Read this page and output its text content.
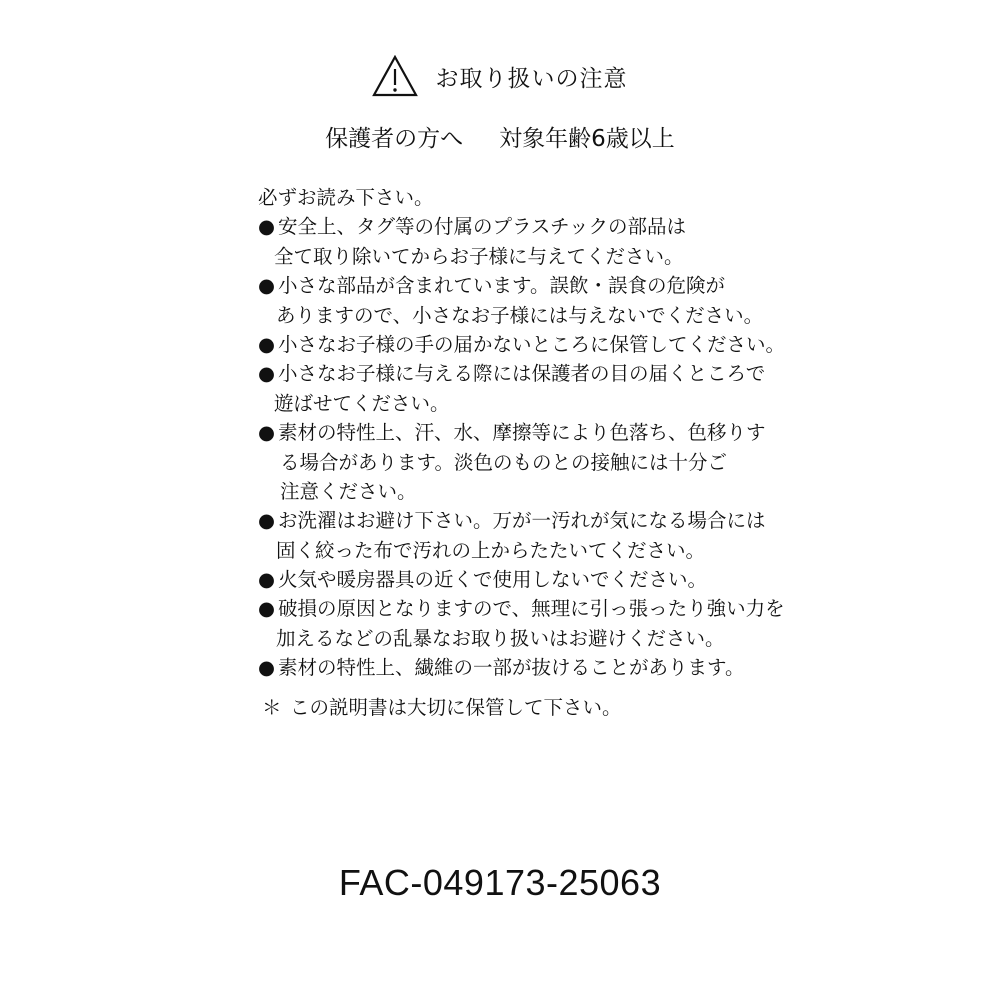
お取り扱いの注意
保護者の方へ 対象年齢6歳以上
必ずお読み下さい。
● 安全上、タグ等の付属のプラスチックの部品は
全て取り除いてからお子様に与えてください。
● 小さな部品が含まれています。誤飲・誤食の危険が
ありますので、小さなお子様には与えないでください。
● 小さなお子様の手の届かないところに保管してください。
● 小さなお子様に与える際には保護者の目の届くところで
遊ばせてください。
● 素材の特性上、汗、水、摩擦等により色落ち、色移りす
る場合があります。淡色のものとの接触には十分ご
注意ください。
● お洗濯はお避け下さい。万が一汚れが気になる場合には
固く絞った布で汚れの上からたたいてください。
● 火気や暖房器具の近くで使用しないでください。
● 破損の原因となりますので、無理に引っ張ったり強い力を
加えるなどの乱暴なお取り扱いはお避けください。
● 素材の特性上、繊維の一部が抜けることがあります。
＊ この説明書は大切に保管して下さい。
FAC-049173-25063
